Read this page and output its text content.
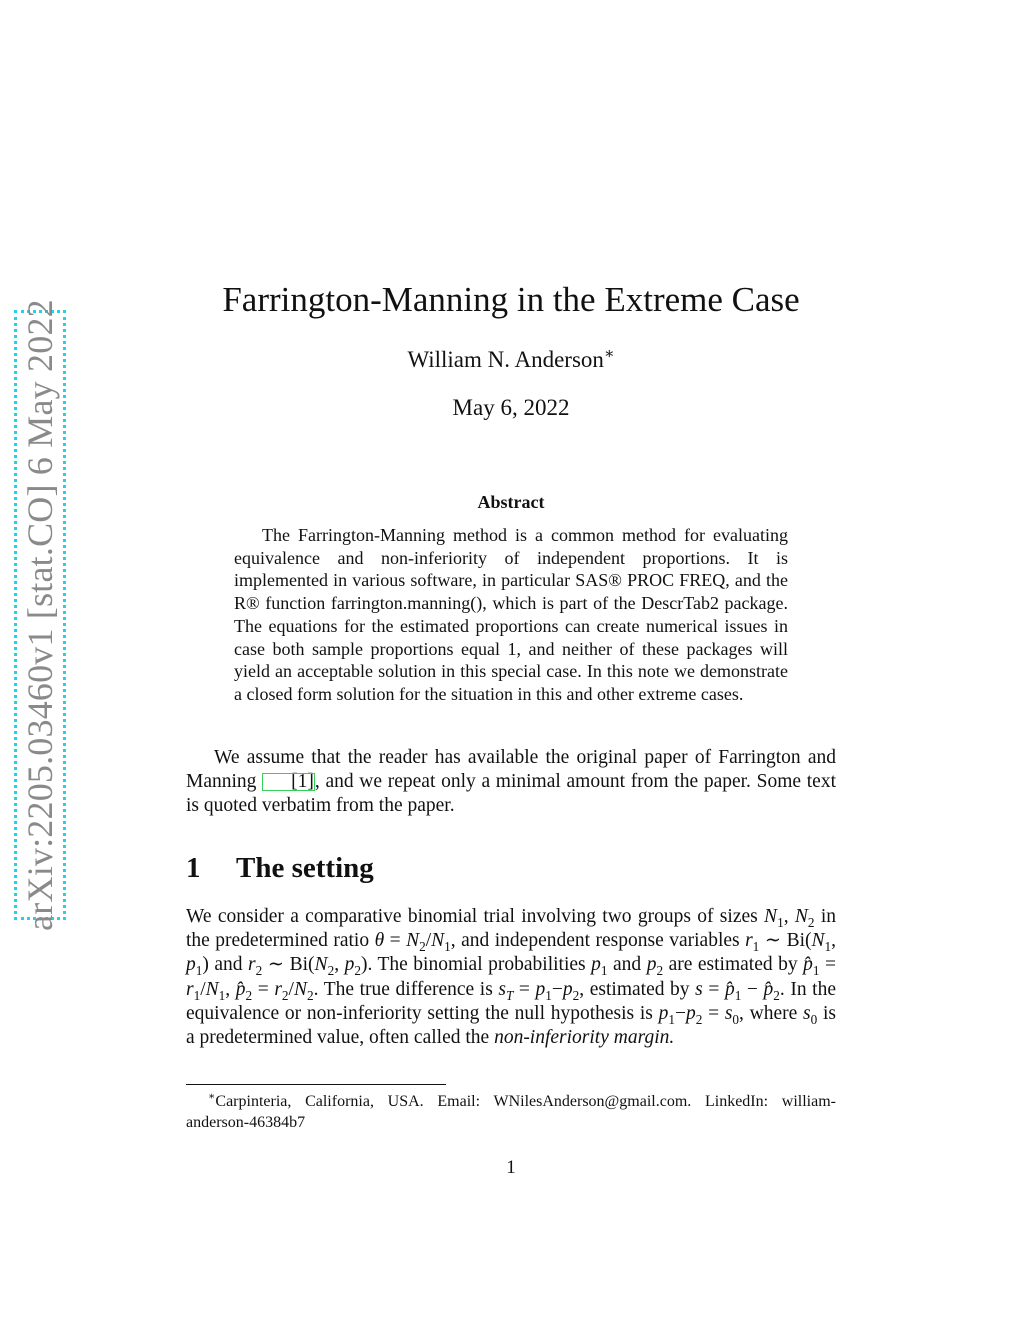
arXiv:2205.03460v1 [stat.CO] 6 May 2022	Farrington-Manning in the Extreme Case
William N. Anderson∗
May 6, 2022
Abstract

The Farrington-Manning method is a common method for evaluating equivalence and non-inferiority of independent proportions. It is implemented in various software, in particular SAS® PROC FREQ, and the R® function farrington.manning(), which is part of the DescrTab2 package. The equations for the estimated proportions can create numerical issues in case both sample proportions equal 1, and neither of these packages will yield an acceptable solution in this special case. In this note we demonstrate a closed form solution for the situation in this and other extreme cases.

We assume that the reader has available the original paper of Farrington and Manning [1], and we repeat only a minimal amount from the paper. Some text is quoted verbatim from the paper.

1 The setting

We consider a comparative binomial trial involving two groups of sizes $N_1$, $N_2$ in the predetermined ratio $\theta = N_2/N_1$, and independent response variables $r_1$ ∼ $Bi(N_1$, $p_1$) and $r_2$ ∼ $Bi(N_2$, $p_2$). The binomial probabilities $p_1$ and $p_2$ are estimated by $p̂_1 = r_1/N_1$, $p̂_2 = r_2/N_2$. The true difference is $s_T = p_1-p_2$, estimated by $s = p̂_1$ − $p̂_2$. In the equivalence or non-inferiority setting the null hypothesis is $p_1-p_2 = s_0$, where $s_0$ is a predetermined value, often called the non-inferiority margin.

∗Carpinteria, California, USA. Email: WNilesAnderson@gmail.com. LinkedIn: william-anderson-46384b7

1
